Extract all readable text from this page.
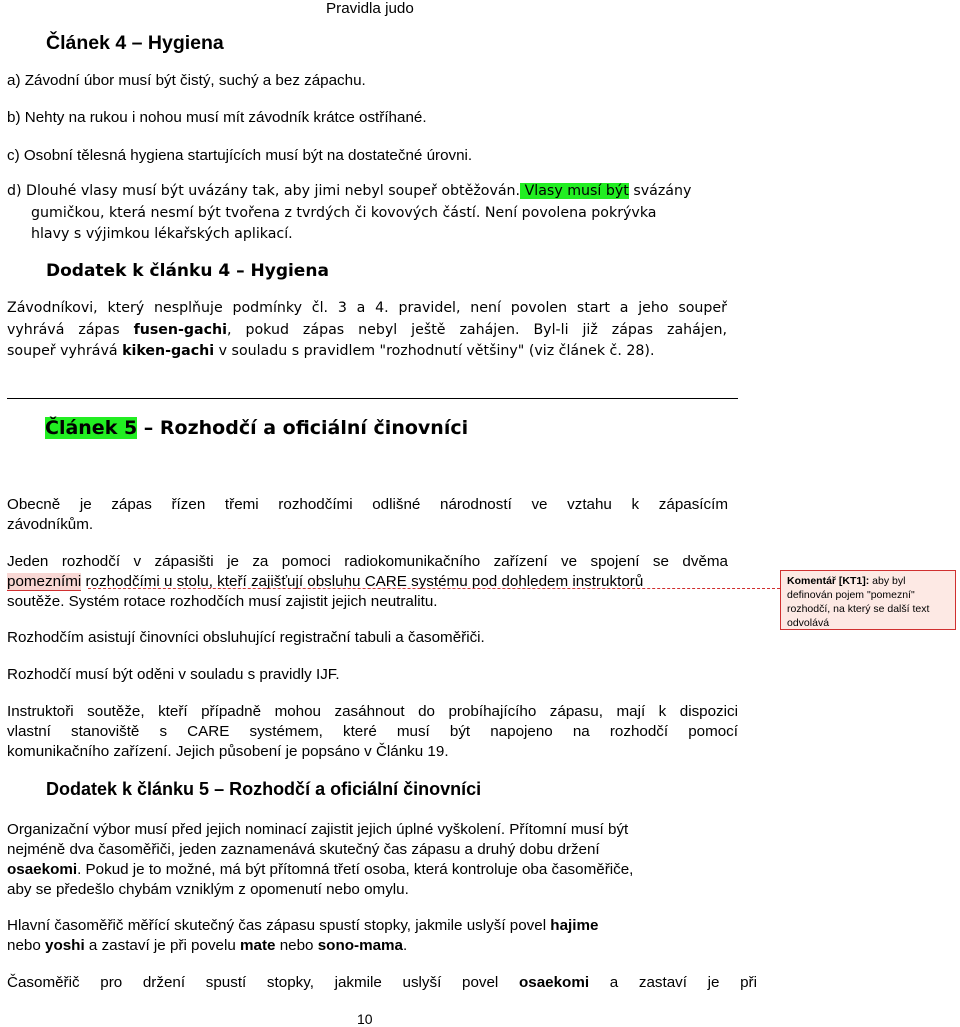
Pravidla judo
Článek 4 – Hygiena
a) Závodní úbor musí být čistý, suchý a bez zápachu.
b) Nehty na rukou i nohou musí mít závodník krátce ostříhané.
c) Osobní tělesná hygiena startujících musí být na dostatečné úrovni.
d) Dlouhé vlasy musí být uvázány tak, aby jimi nebyl soupeř obtěžován. Vlasy musí být svázány
gumičkou, která nesmí být tvořena z tvrdých či kovových částí. Není povolena pokrývka
hlavy s výjimkou lékařských aplikací.
Dodatek k článku 4 – Hygiena
Závodníkovi, který nesplňuje podmínky čl. 3 a 4. pravidel, není povolen start a jeho soupeř
vyhrává zápas fusen-gachi, pokud zápas nebyl ještě zahájen. Byl-li již zápas zahájen,
soupeř vyhrává kiken-gachi v souladu s pravidlem "rozhodnutí většiny" (viz článek č. 28).
Článek 5 – Rozhodčí a oficiální činovníci
Obecně je zápas řízen třemi rozhodčími odlišné národností ve vztahu k zápasícím
závodníkům.
Jeden rozhodčí v zápasišti je za pomoci radiokomunikačního zařízení ve spojení se dvěma
pomezními rozhodčími u stolu, kteří zajišťují obsluhu CARE systému pod dohledem instruktorů
soutěže. Systém rotace rozhodčích musí zajistit jejich neutralitu.
Rozhodčím asistují činovníci obsluhující registrační tabuli a časoměřiči.
Rozhodčí musí být oděni v souladu s pravidly IJF.
Instruktoři soutěže, kteří případně mohou zasáhnout do probíhajícího zápasu, mají k dispozici
vlastní stanoviště s CARE systémem, které musí být napojeno na rozhodčí pomocí
komunikačního zařízení. Jejich působení je popsáno v Článku 19.
Dodatek k článku 5 – Rozhodčí a oficiální činovníci
Organizační výbor musí před jejich nominací zajistit jejich úplné vyškolení. Přítomní musí být
nejméně dva časoměřiči, jeden zaznamenává skutečný čas zápasu a druhý dobu držení
osaekomi. Pokud je to možné, má být přítomná třetí osoba, která kontroluje oba časoměřiče,
aby se předešlo chybám vzniklým z opomenutí nebo omylu.
Hlavní časoměřič měřící skutečný čas zápasu spustí stopky, jakmile uslyší povel hajime
nebo yoshi a zastaví je při povelu mate nebo sono-mama.
Časoměřič pro držení spustí stopky, jakmile uslyší povel osaekomi a zastaví je při
10
Komentář [KT1]: aby byl definován pojem "pomezní" rozhodčí, na který se další text odvolává
